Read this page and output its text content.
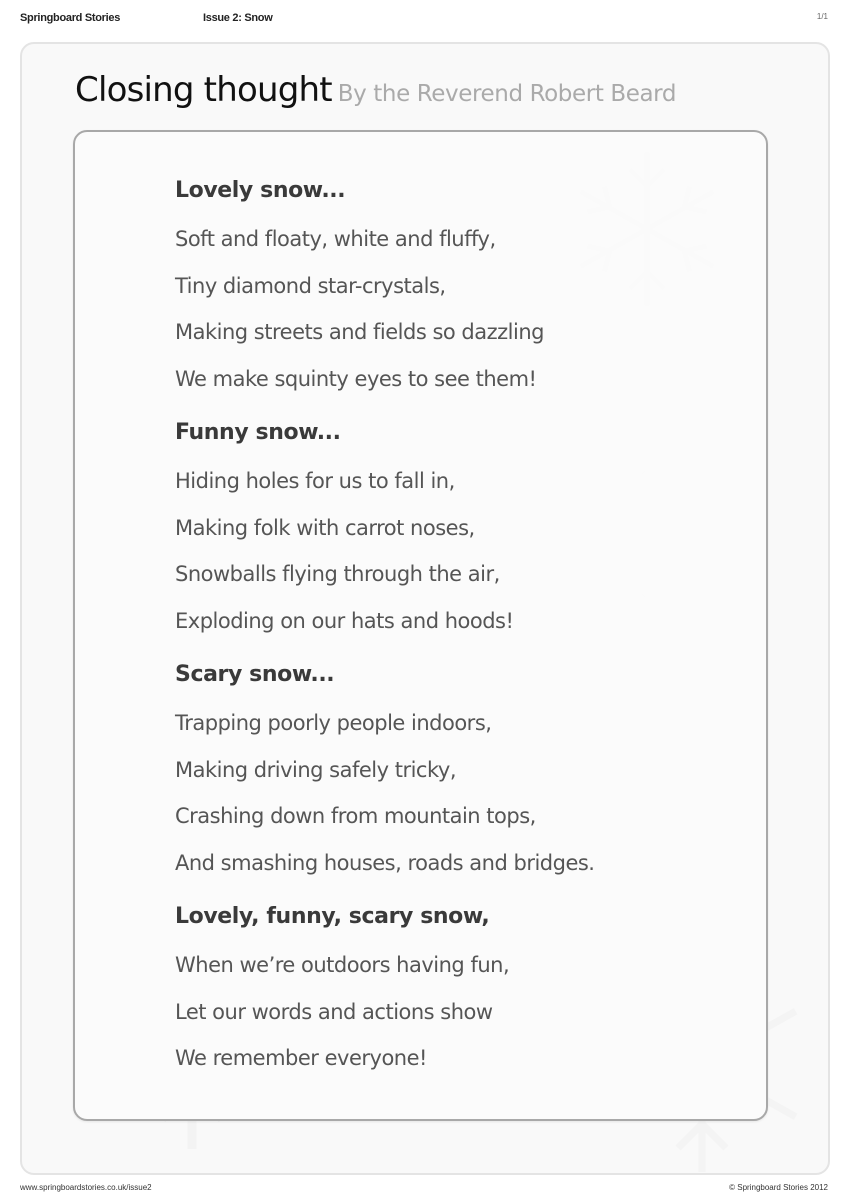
Springboard Stories	Issue 2: Snow	1/1
Closing thought By the Reverend Robert Beard
Lovely snow...
Soft and floaty, white and fluffy,
Tiny diamond star-crystals,
Making streets and fields so dazzling
We make squinty eyes to see them!
Funny snow...
Hiding holes for us to fall in,
Making folk with carrot noses,
Snowballs flying through the air,
Exploding on our hats and hoods!
Scary snow...
Trapping poorly people indoors,
Making driving safely tricky,
Crashing down from mountain tops,
And smashing houses, roads and bridges.
Lovely, funny, scary snow,
When we’re outdoors having fun,
Let our words and actions show
We remember everyone!
www.springboardstories.co.uk/issue2	© Springboard Stories 2012
